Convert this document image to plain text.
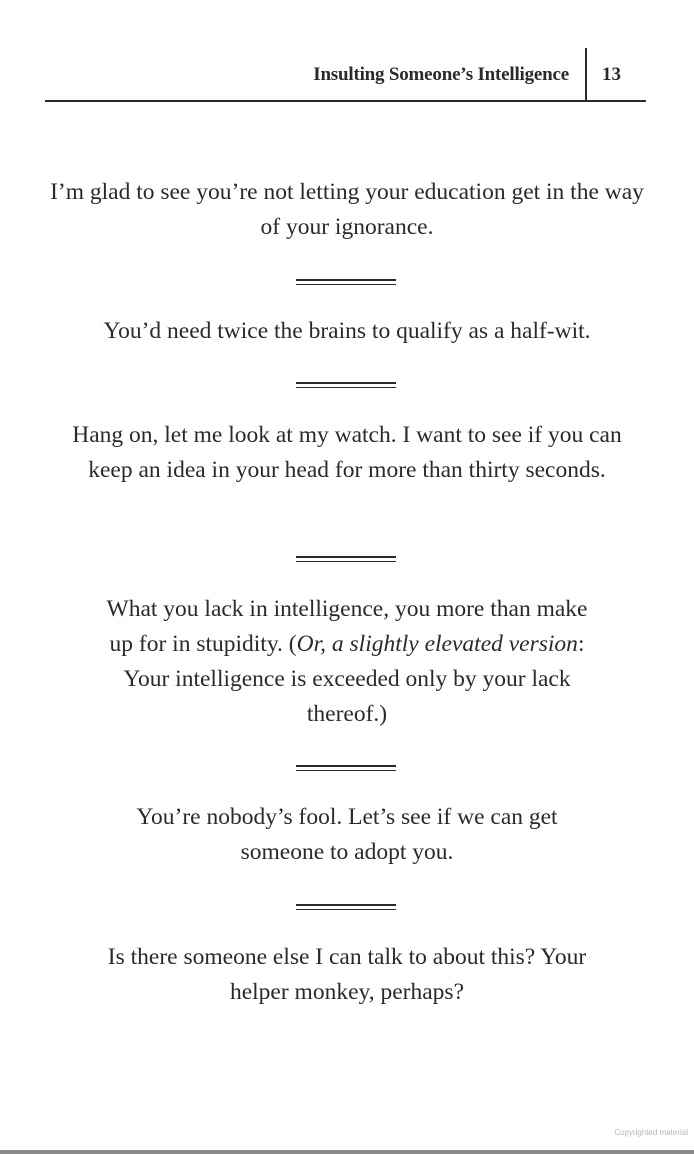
Insulting Someone’s Intelligence 13

I’m glad to see you’re not letting your education get in the way of your ignorance.

You’d need twice the brains to qualify as a half-wit.

Hang on, let me look at my watch. I want to see if you can keep an idea in your head for more than thirty seconds.

What you lack in intelligence, you more than make up for in stupidity. (Or, a slightly elevated version: Your intelligence is exceeded only by your lack thereof.)

You’re nobody’s fool. Let’s see if we can get someone to adopt you.

Is there someone else I can talk to about this? Your helper monkey, perhaps?

Copyrighted material
